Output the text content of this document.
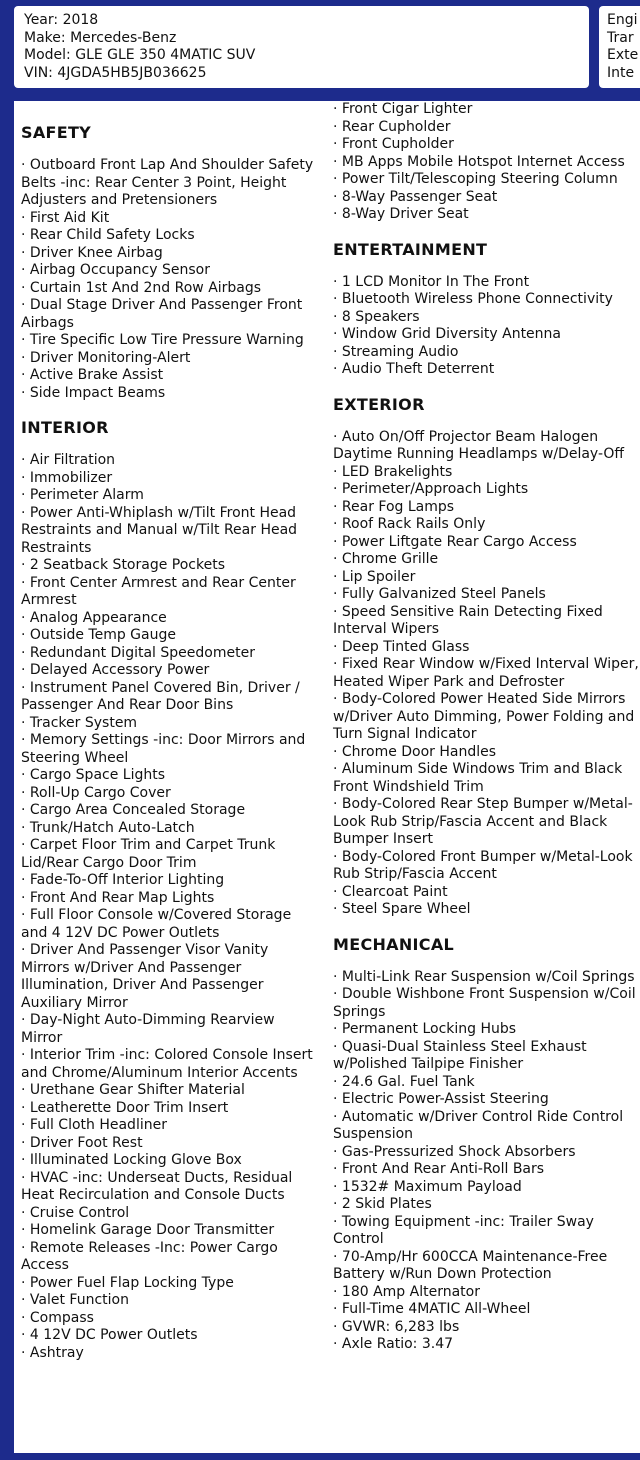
Year: 2018
Make: Mercedes-Benz
Model: GLE GLE 350 4MATIC SUV
VIN: 4JGDA5HB5JB036625
Engi
Trar
Exte
Inte
SAFETY
· Outboard Front Lap And Shoulder Safety Belts -inc: Rear Center 3 Point, Height Adjusters and Pretensioners
· First Aid Kit
· Rear Child Safety Locks
· Driver Knee Airbag
· Airbag Occupancy Sensor
· Curtain 1st And 2nd Row Airbags
· Dual Stage Driver And Passenger Front Airbags
· Tire Specific Low Tire Pressure Warning
· Driver Monitoring-Alert
· Active Brake Assist
· Side Impact Beams
INTERIOR
· Air Filtration
· Immobilizer
· Perimeter Alarm
· Power Anti-Whiplash w/Tilt Front Head Restraints and Manual w/Tilt Rear Head Restraints
· 2 Seatback Storage Pockets
· Front Center Armrest and Rear Center Armrest
· Analog Appearance
· Outside Temp Gauge
· Redundant Digital Speedometer
· Delayed Accessory Power
· Instrument Panel Covered Bin, Driver / Passenger And Rear Door Bins
· Tracker System
· Memory Settings -inc: Door Mirrors and Steering Wheel
· Cargo Space Lights
· Roll-Up Cargo Cover
· Cargo Area Concealed Storage
· Trunk/Hatch Auto-Latch
· Carpet Floor Trim and Carpet Trunk Lid/Rear Cargo Door Trim
· Fade-To-Off Interior Lighting
· Front And Rear Map Lights
· Full Floor Console w/Covered Storage and 4 12V DC Power Outlets
· Driver And Passenger Visor Vanity Mirrors w/Driver And Passenger Illumination, Driver And Passenger Auxiliary Mirror
· Day-Night Auto-Dimming Rearview Mirror
· Interior Trim -inc: Colored Console Insert and Chrome/Aluminum Interior Accents
· Urethane Gear Shifter Material
· Leatherette Door Trim Insert
· Full Cloth Headliner
· Driver Foot Rest
· Illuminated Locking Glove Box
· HVAC -inc: Underseat Ducts, Residual Heat Recirculation and Console Ducts
· Cruise Control
· Homelink Garage Door Transmitter
· Remote Releases -Inc: Power Cargo Access
· Power Fuel Flap Locking Type
· Valet Function
· Compass
· 4 12V DC Power Outlets
· Ashtray
· Front Cigar Lighter
· Rear Cupholder
· Front Cupholder
· MB Apps Mobile Hotspot Internet Access
· Power Tilt/Telescoping Steering Column
· 8-Way Passenger Seat
· 8-Way Driver Seat
ENTERTAINMENT
· 1 LCD Monitor In The Front
· Bluetooth Wireless Phone Connectivity
· 8 Speakers
· Window Grid Diversity Antenna
· Streaming Audio
· Audio Theft Deterrent
EXTERIOR
· Auto On/Off Projector Beam Halogen Daytime Running Headlamps w/Delay-Off
· LED Brakelights
· Perimeter/Approach Lights
· Rear Fog Lamps
· Roof Rack Rails Only
· Power Liftgate Rear Cargo Access
· Chrome Grille
· Lip Spoiler
· Fully Galvanized Steel Panels
· Speed Sensitive Rain Detecting Fixed Interval Wipers
· Deep Tinted Glass
· Fixed Rear Window w/Fixed Interval Wiper, Heated Wiper Park and Defroster
· Body-Colored Power Heated Side Mirrors w/Driver Auto Dimming, Power Folding and Turn Signal Indicator
· Chrome Door Handles
· Aluminum Side Windows Trim and Black Front Windshield Trim
· Body-Colored Rear Step Bumper w/Metal-Look Rub Strip/Fascia Accent and Black Bumper Insert
· Body-Colored Front Bumper w/Metal-Look Rub Strip/Fascia Accent
· Clearcoat Paint
· Steel Spare Wheel
MECHANICAL
· Multi-Link Rear Suspension w/Coil Springs
· Double Wishbone Front Suspension w/Coil Springs
· Permanent Locking Hubs
· Quasi-Dual Stainless Steel Exhaust w/Polished Tailpipe Finisher
· 24.6 Gal. Fuel Tank
· Electric Power-Assist Steering
· Automatic w/Driver Control Ride Control Suspension
· Gas-Pressurized Shock Absorbers
· Front And Rear Anti-Roll Bars
· 1532# Maximum Payload
· 2 Skid Plates
· Towing Equipment -inc: Trailer Sway Control
· 70-Amp/Hr 600CCA Maintenance-Free Battery w/Run Down Protection
· 180 Amp Alternator
· Full-Time 4MATIC All-Wheel
· GVWR: 6,283 lbs
· Axle Ratio: 3.47
